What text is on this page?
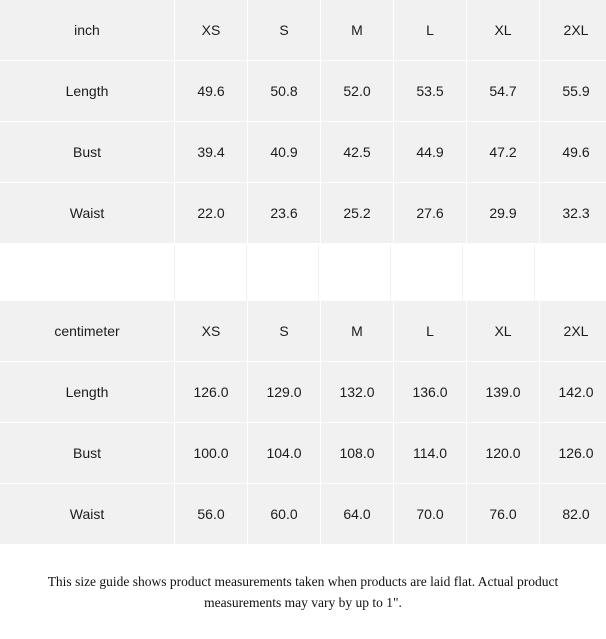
inch	XS	S	M	L	XL	2XL
Length	49.6	50.8	52.0	53.5	54.7	55.9
Bust	39.4	40.9	42.5	44.9	47.2	49.6
Waist	22.0	23.6	25.2	27.6	29.9	32.3
centimeter	XS	S	M	L	XL	2XL
Length	126.0	129.0	132.0	136.0	139.0	142.0
Bust	100.0	104.0	108.0	114.0	120.0	126.0
Waist	56.0	60.0	64.0	70.0	76.0	82.0
This size guide shows product measurements taken when products are laid flat. Actual product measurements may vary by up to 1".
